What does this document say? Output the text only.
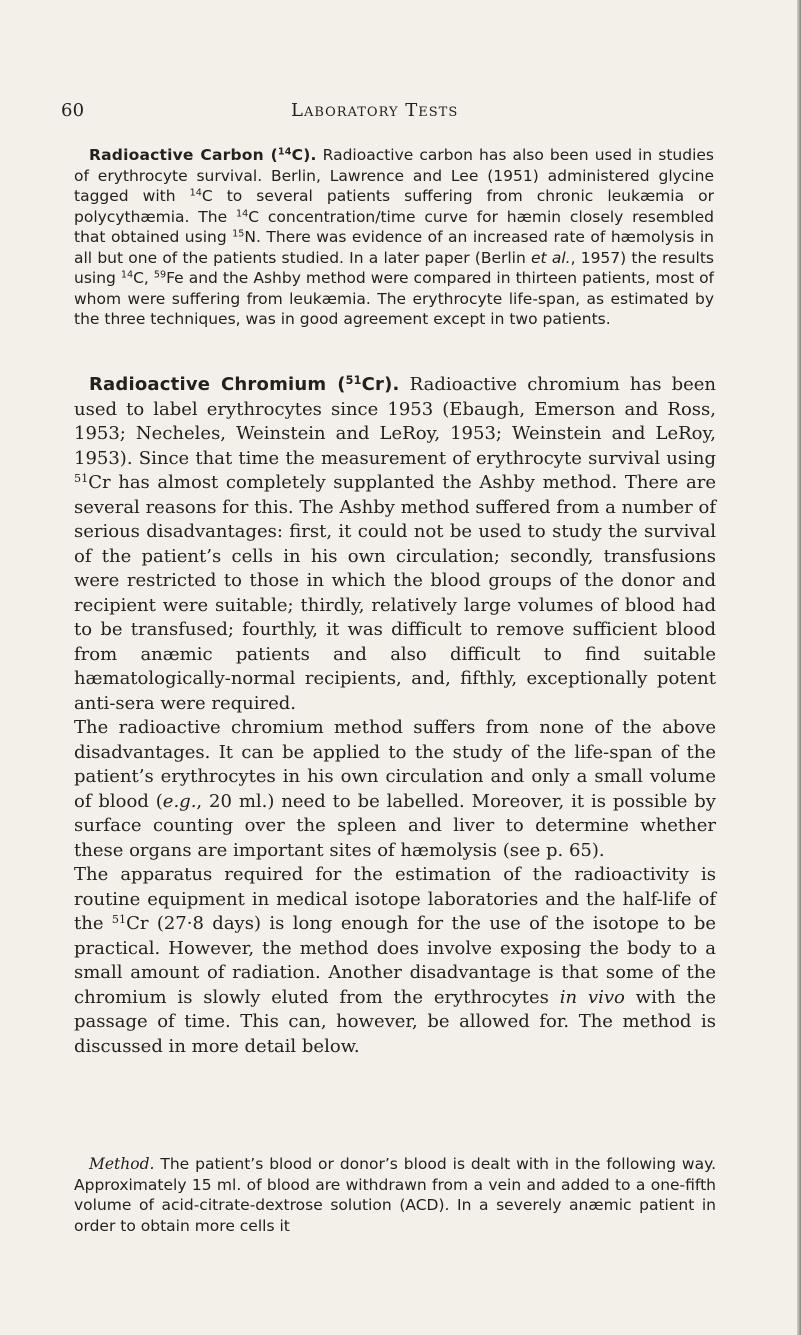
60	Laboratory Tests
Radioactive Carbon ($^{14}$C). Radioactive carbon has also been used in studies of erythrocyte survival. Berlin, Lawrence and Lee (1951) administered glycine tagged with $^{14}$C to several patients suffering from chronic leukæmia or polycythæmia. The $^{14}$C concentration/time curve for hæmin closely resembled that obtained using $^{15}$N. There was evidence of an increased rate of hæmolysis in all but one of the patients studied. In a later paper (Berlin et al., 1957) the results using $^{14}$C, $^{59}$Fe and the Ashby method were compared in thirteen patients, most of whom were suffering from leukæmia. The erythrocyte life-span, as estimated by the three techniques, was in good agreement except in two patients.

Radioactive Chromium ($^{51}$Cr). Radioactive chromium has been used to label erythrocytes since 1953 (Ebaugh, Emerson and Ross, 1953; Necheles, Weinstein and LeRoy, 1953; Weinstein and LeRoy, 1953). Since that time the measurement of erythrocyte survival using $^{51}$Cr has almost completely supplanted the Ashby method. There are several reasons for this. The Ashby method suffered from a number of serious disadvantages: first, it could not be used to study the survival of the patient’s cells in his own circulation; secondly, transfusions were restricted to those in which the blood groups of the donor and recipient were suitable; thirdly, relatively large volumes of blood had to be transfused; fourthly, it was difficult to remove sufficient blood from anæmic patients and also difficult to find suitable hæmatologically-normal recipients, and, fifthly, exceptionally potent anti-sera were required.

The radioactive chromium method suffers from none of the above disadvantages. It can be applied to the study of the life-span of the patient’s erythrocytes in his own circulation and only a small volume of blood (e.g., 20 ml.) need to be labelled. Moreover, it is possible by surface counting over the spleen and liver to determine whether these organs are important sites of hæmolysis (see p. 65).

The apparatus required for the estimation of the radioactivity is routine equipment in medical isotope laboratories and the half-life of the $^{51}$Cr (27·8 days) is long enough for the use of the isotope to be practical. However, the method does involve exposing the body to a small amount of radiation. Another disadvantage is that some of the chromium is slowly eluted from the erythrocytes in vivo with the passage of time. This can, however, be allowed for. The method is discussed in more detail below.

Method. The patient’s blood or donor’s blood is dealt with in the following way. Approximately 15 ml. of blood are withdrawn from a vein and added to a one-fifth volume of acid-citrate-dextrose solution (ACD). In a severely anæmic patient in order to obtain more cells it
